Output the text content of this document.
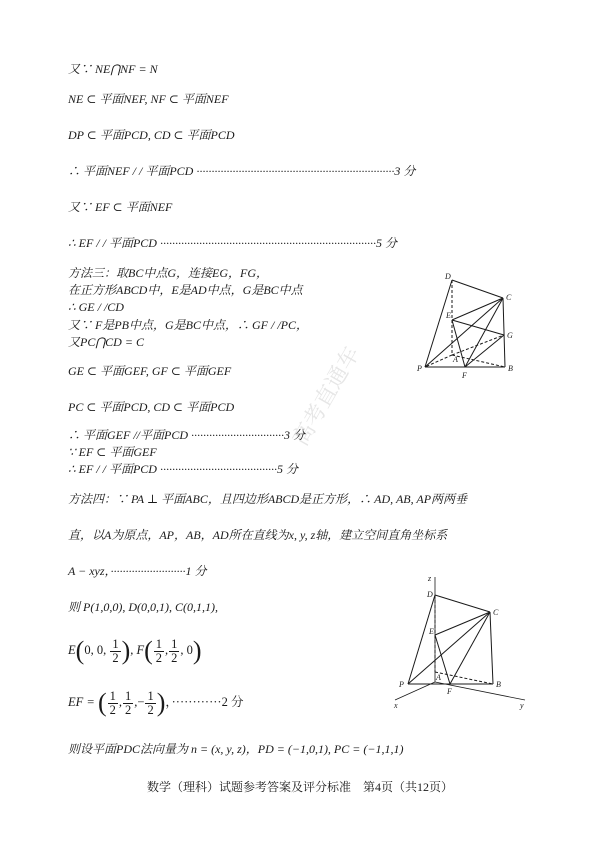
高考直通车
又∵ NE⋂NF = N
NE ⊂ 平面NEF, NF ⊂ 平面NEF
DP ⊂ 平面PCD, CD ⊂ 平面PCD
∴ 平面NEF / / 平面PCD ··································································3 分
又∵ EF ⊂ 平面NEF
∴ EF / / 平面PCD ········································································5 分
方法三：取BC中点G，连接EG，FG，
在正方形ABCD中，E是AD中点，G是BC中点
∴ GE / /CD
又∵ F是PB中点，G是BC中点，∴ GF / /PC，
又PC⋂CD = C
GE ⊂ 平面GEF, GF ⊂ 平面GEF
PC ⊂ 平面PCD, CD ⊂ 平面PCD
∴ 平面GEF //平面PCD ·······························3 分
∵ EF ⊂ 平面GEF
∴ EF / / 平面PCD ·······································5 分
方法四：∵ PA ⊥ 平面ABC，且四边形ABCD是正方形，∴ AD, AB, AP两两垂
直，以A为原点，AP，AB，AD所在直线为x, y, z轴，建立空间直角坐标系
A − xyz，·························1 分
则 P(1,0,0), D(0,0,1), C(0,1,1),
E(0, 0, $\frac{1}{2}$ ), $F( \frac{1}{2}$ , $\frac{1}{2}$ , 0)
EF = ( $\frac{1}{2}$ , $\frac{1}{2}$ ,− $\frac{1}{2}$ )，············2 分
则设平面PDC法向量为 n = (x, y, z)，PD = (−1,0,1), PC = (−1,1,1)
D
C
E
G
A
P
F
B
z
D
C
E
A
P
F
B
x	y
数学（理科）试题参考答案及评分标准　第4页（共12页）
